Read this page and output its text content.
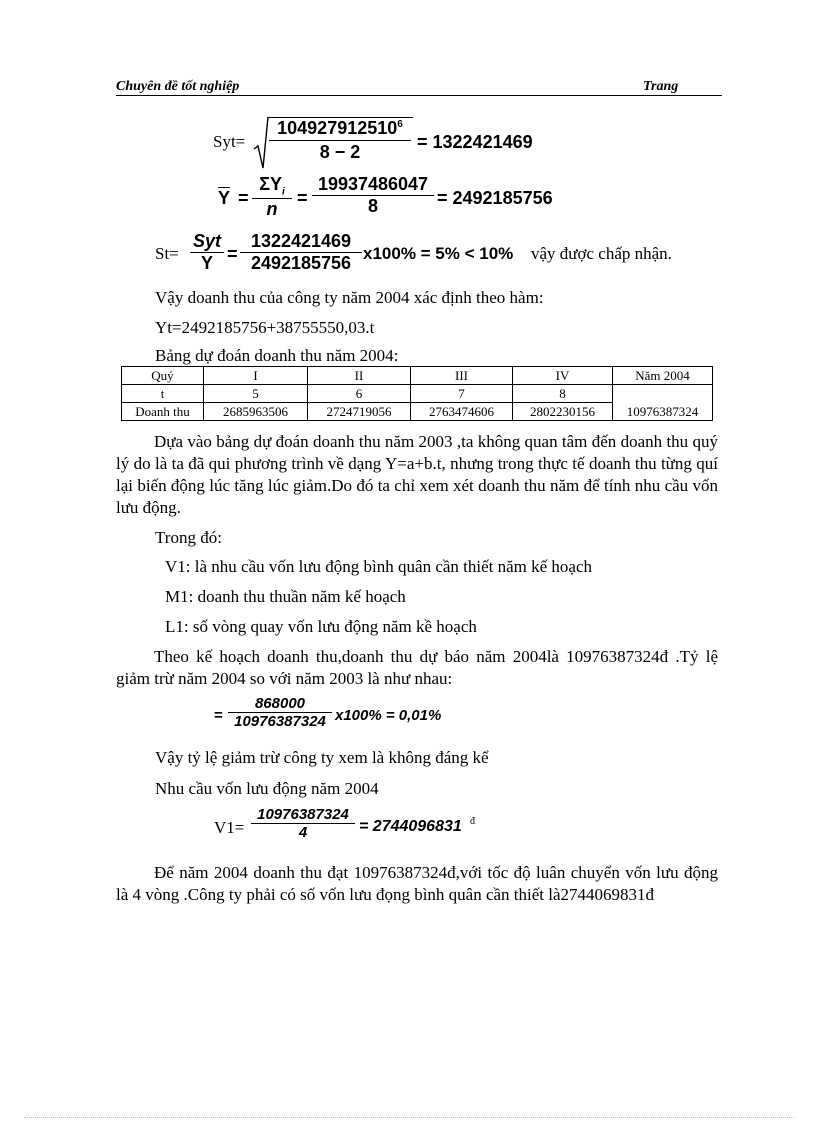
Chuyên đề tốt nghiệp	Trang
Syt=
$104927912510^6$
8 − 2	= 1322421469
$\overline{Y}$ =
$\Sigma Y_i$
n
=
19937486047
8	= 2492185756
St=
Syt
$\overline{Y}$ =
1322421469
2492185756 x100% = 5% < 10% vậy được chấp nhận.
Vậy doanh thu của công ty năm 2004 xác định theo hàm:
Yt=2492185756+38755550,03.t
Bảng dự đoán doanh thu năm 2004:
Quý	I	II	III	IV	Năm 2004
t	5	6	7	8	10976387324
Doanh thu	2685963506	2724719056	2763474606	2802230156	
Dựa vào bảng dự đoán doanh thu năm 2003 ,ta không quan tâm đến doanh thu quý lý do là ta đã qui phương trình về dạng Y=a+b.t, nhưng trong thực tế doanh thu từng quí lại biến động lúc tăng lúc giảm.Do đó ta chỉ xem xét doanh thu năm để tính nhu cầu vốn lưu động.
Trong đó:
V1: là nhu cầu vốn lưu động bình quân cần thiết năm kế hoạch
M1: doanh thu thuần năm kế hoạch
L1: số vòng quay vốn lưu động năm kề hoạch
Theo kế hoạch doanh thu,doanh thu dự báo năm 2004là 10976387324đ .Tỷ lệ giảm trừ năm 2004 so với năm 2003 là như nhau:
=
868000
10976387324 x100% = 0,01%
Vậy tỷ lệ giảm trừ công ty xem là không đáng kể
Nhu cầu vốn lưu động năm 2004
V1=
10976387324
4	= 2744096831 đ
Để năm 2004 doanh thu đạt 10976387324đ,với tốc độ luân chuyển vốn lưu động là 4 vòng .Công ty phải có số vốn lưu đọng bình quân cần thiết là2744069831đ
